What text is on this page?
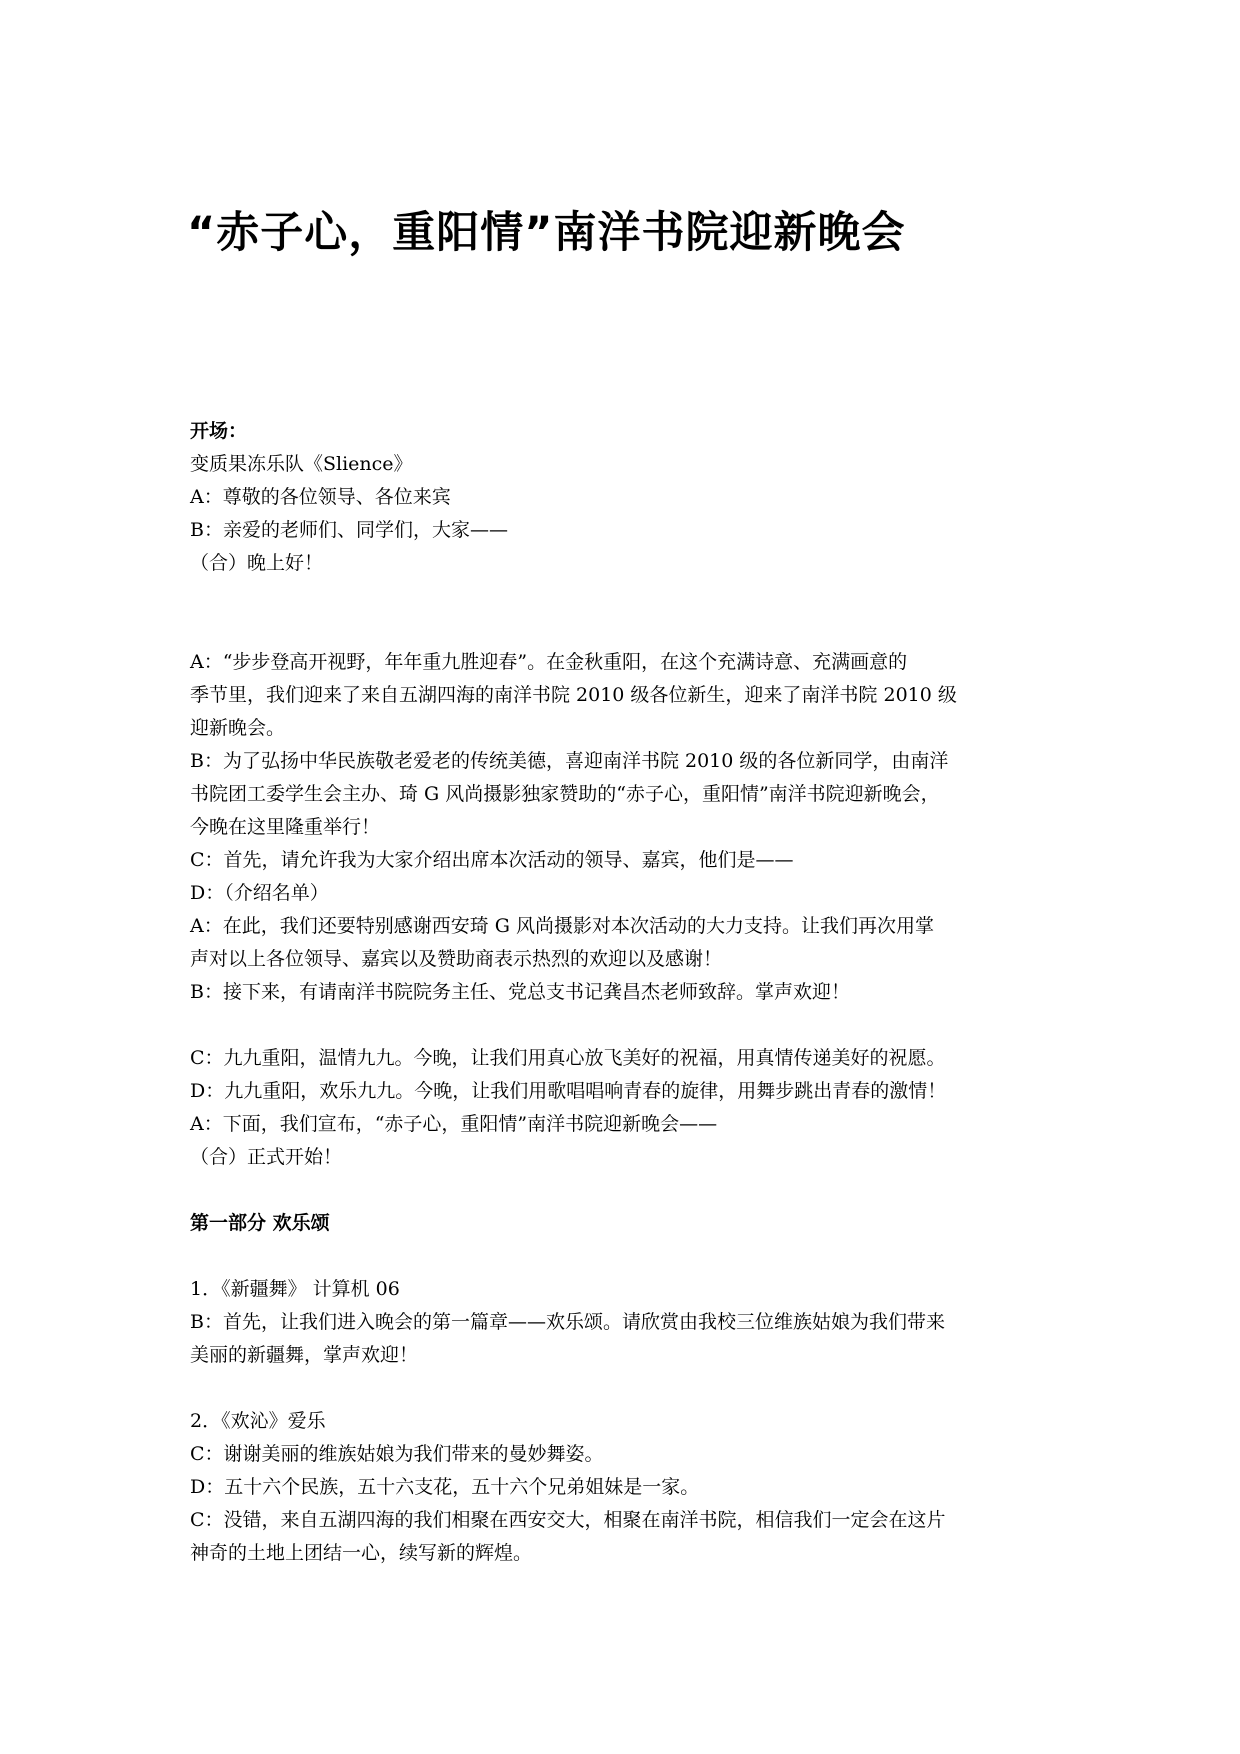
“赤子心，重阳情”南洋书院迎新晚会
开场：
变质果冻乐队《Slience》
A：尊敬的各位领导、各位来宾
B：亲爱的老师们、同学们，大家——
（合）晚上好！
A：“步步登高开视野，年年重九胜迎春”。在金秋重阳，在这个充满诗意、充满画意的
季节里，我们迎来了来自五湖四海的南洋书院 2010 级各位新生，迎来了南洋书院 2010 级
迎新晚会。
B：为了弘扬中华民族敬老爱老的传统美德，喜迎南洋书院 2010 级的各位新同学，由南洋
书院团工委学生会主办、琦 G 风尚摄影独家赞助的“赤子心，重阳情”南洋书院迎新晚会，
今晚在这里隆重举行！
C：首先，请允许我为大家介绍出席本次活动的领导、嘉宾，他们是——
D：（介绍名单）
A：在此，我们还要特别感谢西安琦 G 风尚摄影对本次活动的大力支持。让我们再次用掌
声对以上各位领导、嘉宾以及赞助商表示热烈的欢迎以及感谢！
B：接下来，有请南洋书院院务主任、党总支书记龚昌杰老师致辞。掌声欢迎！
C：九九重阳，温情九九。今晚，让我们用真心放飞美好的祝福，用真情传递美好的祝愿。
D：九九重阳，欢乐九九。今晚，让我们用歌唱唱响青春的旋律，用舞步跳出青春的激情！
A：下面，我们宣布，“赤子心，重阳情”南洋书院迎新晚会——
（合）正式开始！
第一部分 欢乐颂
1．《新疆舞》 计算机 06
B：首先，让我们进入晚会的第一篇章——欢乐颂。请欣赏由我校三位维族姑娘为我们带来
美丽的新疆舞，掌声欢迎！
2．《欢沁》爱乐
C：谢谢美丽的维族姑娘为我们带来的曼妙舞姿。
D：五十六个民族，五十六支花，五十六个兄弟姐妹是一家。
C：没错，来自五湖四海的我们相聚在西安交大，相聚在南洋书院，相信我们一定会在这片
神奇的土地上团结一心，续写新的辉煌。
